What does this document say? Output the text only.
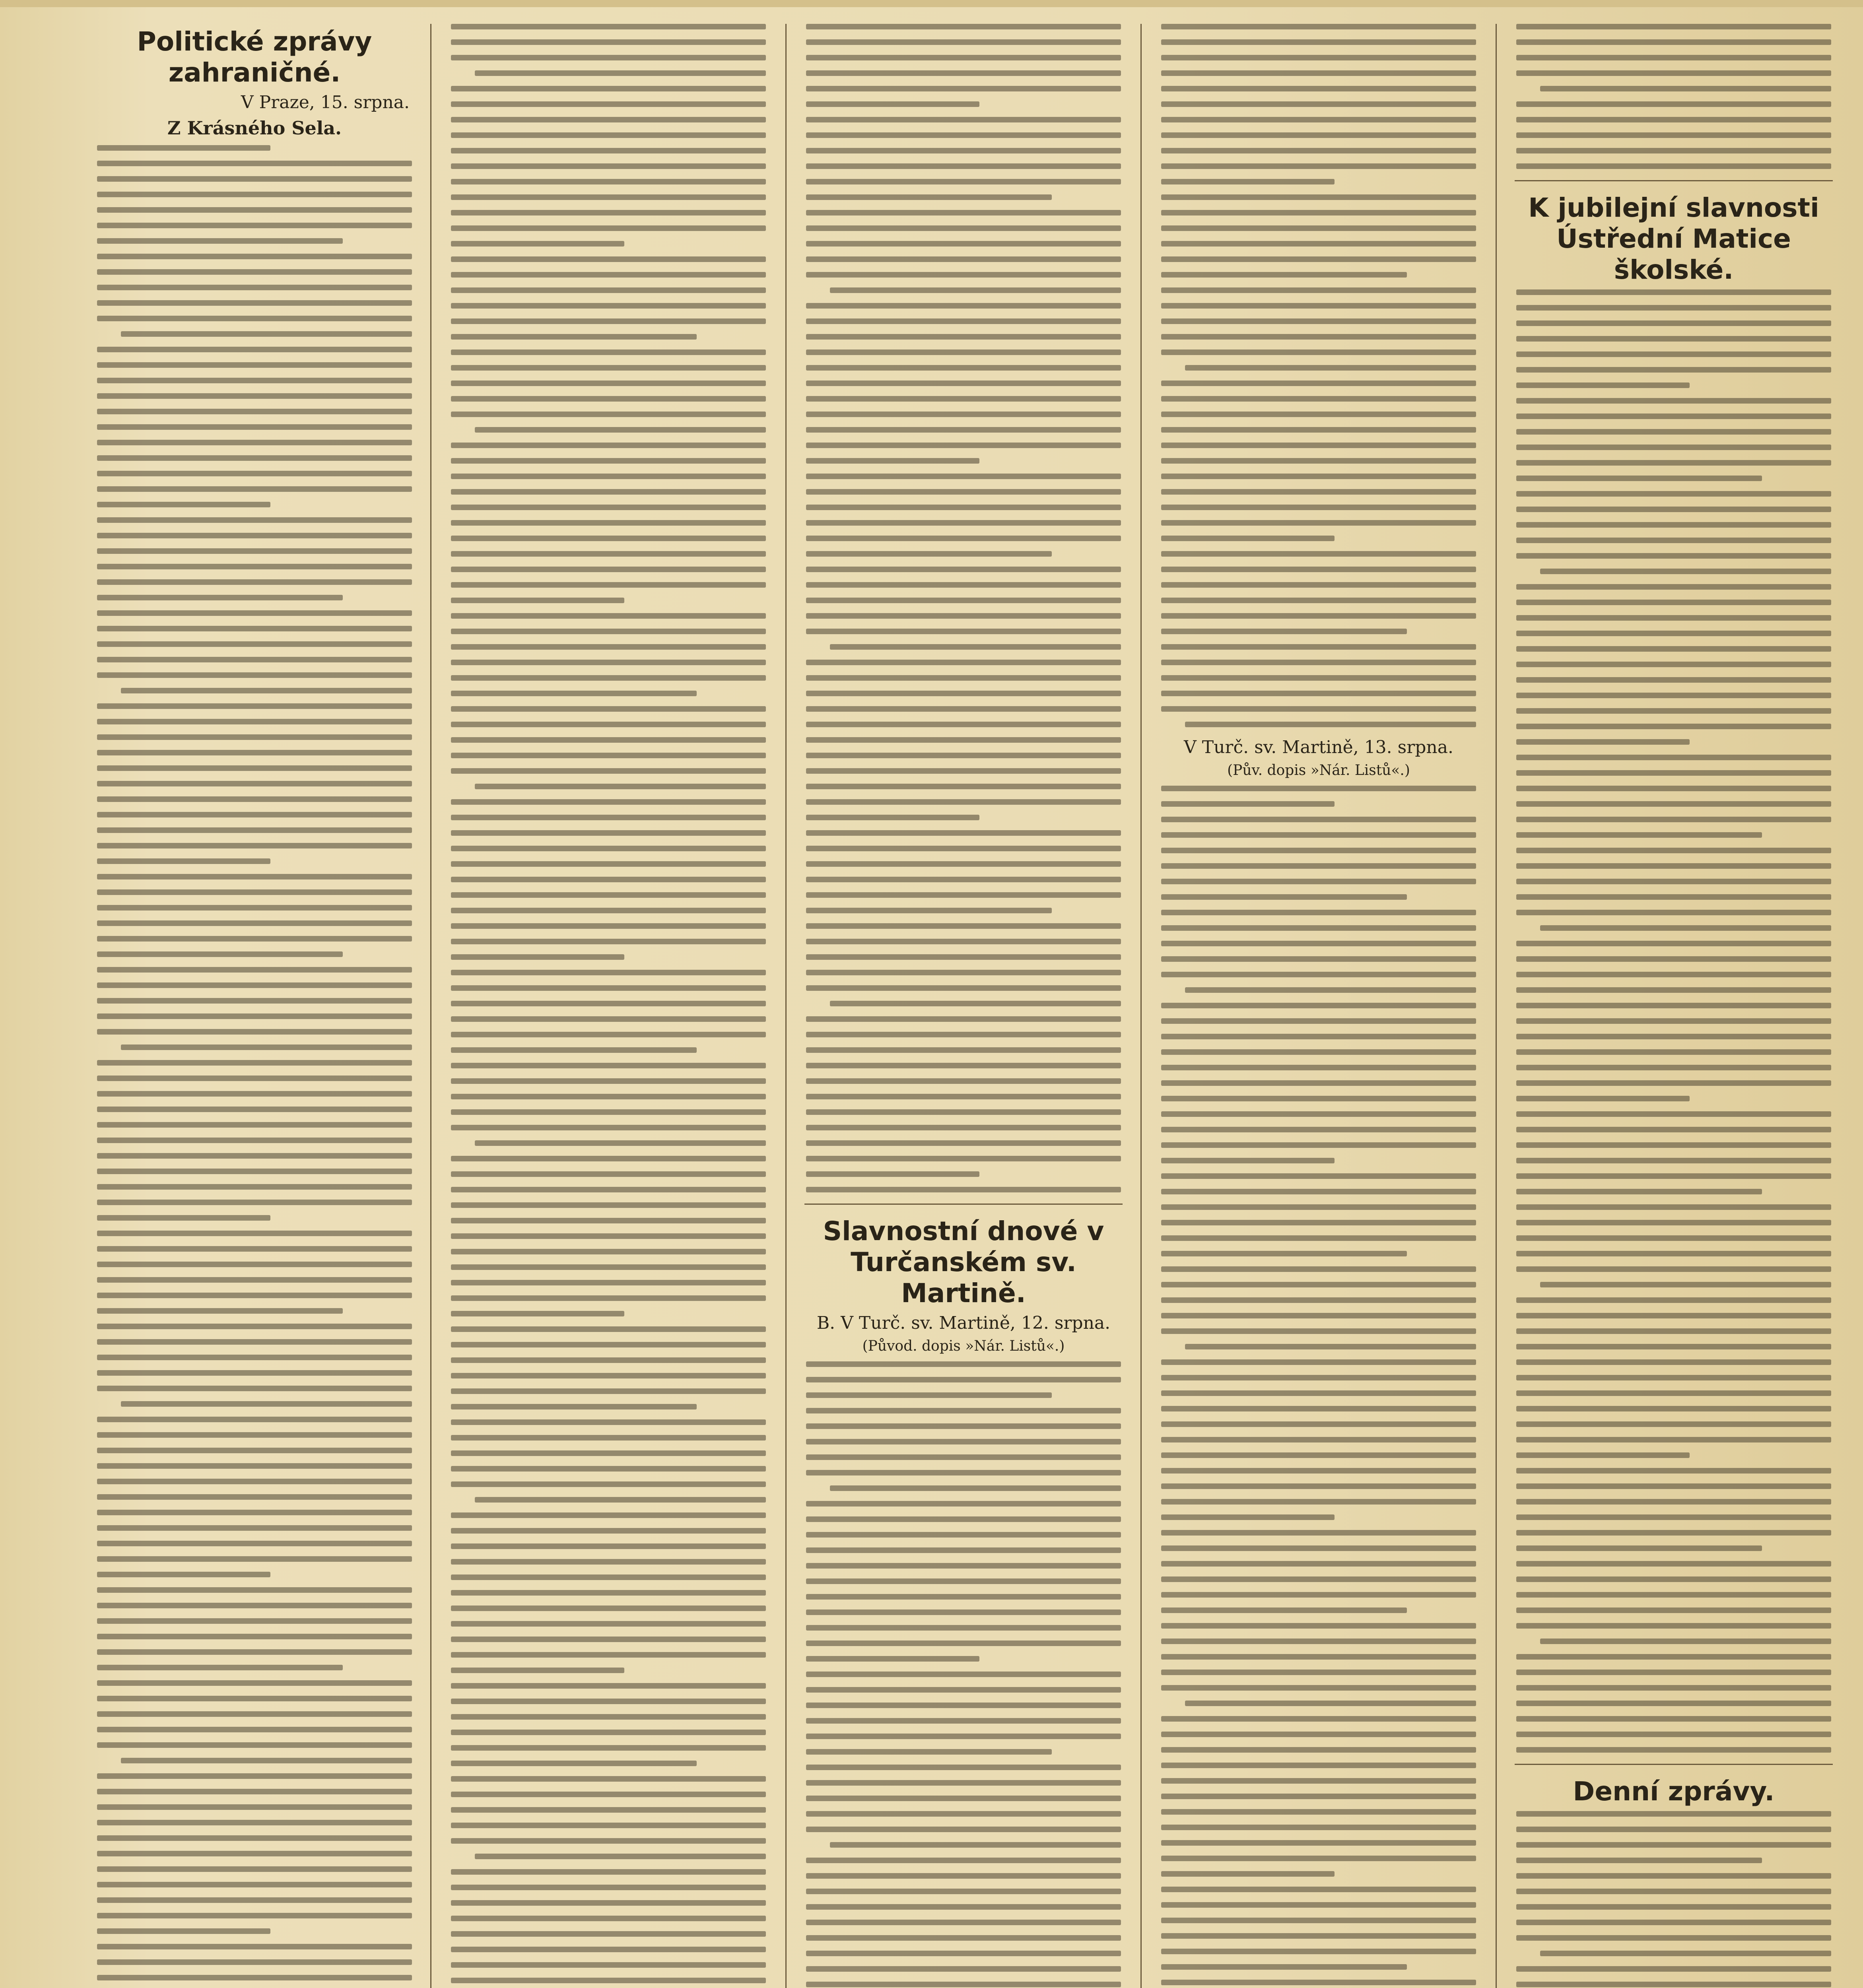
Politické zprávy zahraničné.
V Praze, 15. srpna.
Z Krásného Sela.
Slavnostní dnové v Turčanském sv. Martině.
B. V Turč. sv. Martině, 12. srpna.
(Původ. dopis »Nár. Listů«.)
V Turč. sv. Martině, 13. srpna.
(Pův. dopis »Nár. Listů«.)
K jubilejní slavnosti Ústřední Matice školské.
Denní zprávy.
